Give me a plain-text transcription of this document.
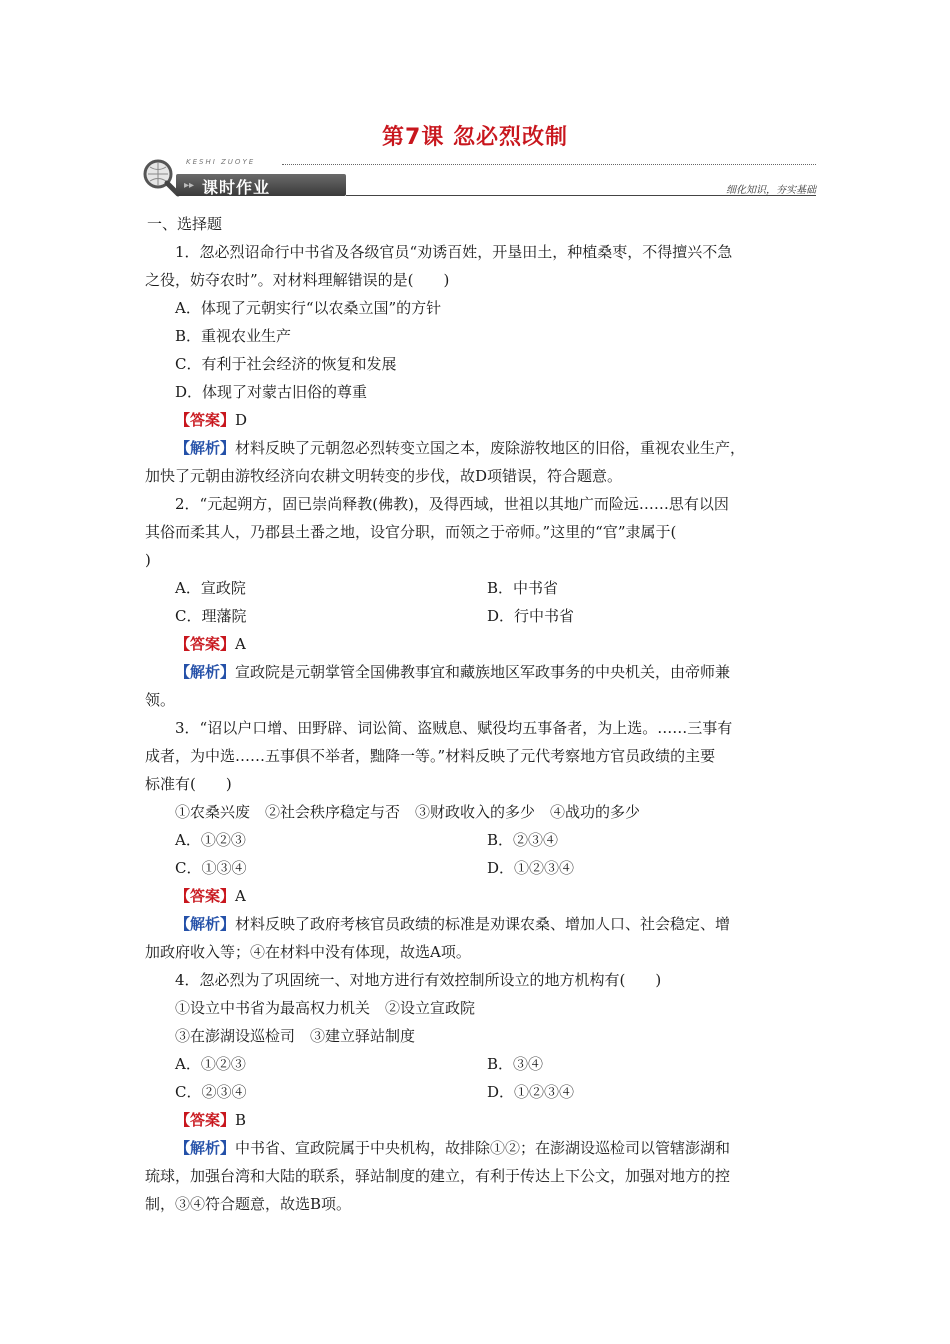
第7课 忽必烈改制
KESHI ZUOYE
▸▸ 课时作业	细化知识，夯实基础
一、选择题
1．忽必烈诏命行中书省及各级官员“劝诱百姓，开垦田土，种植桑枣，不得擅兴不急
之役，妨夺农时”。对材料理解错误的是(　　)
A．体现了元朝实行“以农桑立国”的方针
B．重视农业生产
C．有利于社会经济的恢复和发展
D．体现了对蒙古旧俗的尊重
【答案】D
【解析】材料反映了元朝忽必烈转变立国之本，废除游牧地区的旧俗，重视农业生产，
加快了元朝由游牧经济向农耕文明转变的步伐，故D项错误，符合题意。
2．“元起朔方，固已崇尚释教(佛教)，及得西域，世祖以其地广而险远……思有以因
其俗而柔其人，乃郡县土番之地，设官分职，而领之于帝师。”这里的“官”隶属于(
)
A．宣政院	B．中书省
C．理藩院	D．行中书省
【答案】A
【解析】宣政院是元朝掌管全国佛教事宜和藏族地区军政事务的中央机关，由帝师兼
领。
3．“诏以户口增、田野辟、词讼简、盗贼息、赋役均五事备者，为上选。……三事有
成者，为中选……五事俱不举者，黜降一等。”材料反映了元代考察地方官员政绩的主要
标准有(　　)
①农桑兴废　②社会秩序稳定与否　③财政收入的多少　④战功的多少
A．①②③	B．②③④
C．①③④	D．①②③④
【答案】A
【解析】材料反映了政府考核官员政绩的标准是劝课农桑、增加人口、社会稳定、增
加政府收入等；④在材料中没有体现，故选A项。
4．忽必烈为了巩固统一、对地方进行有效控制所设立的地方机构有(　　)
①设立中书省为最高权力机关　②设立宣政院
③在澎湖设巡检司　③建立驿站制度
A．①②③	B．③④
C．②③④	D．①②③④
【答案】B
【解析】中书省、宣政院属于中央机构，故排除①②；在澎湖设巡检司以管辖澎湖和
琉球，加强台湾和大陆的联系，驿站制度的建立，有利于传达上下公文，加强对地方的控
制，③④符合题意，故选B项。
